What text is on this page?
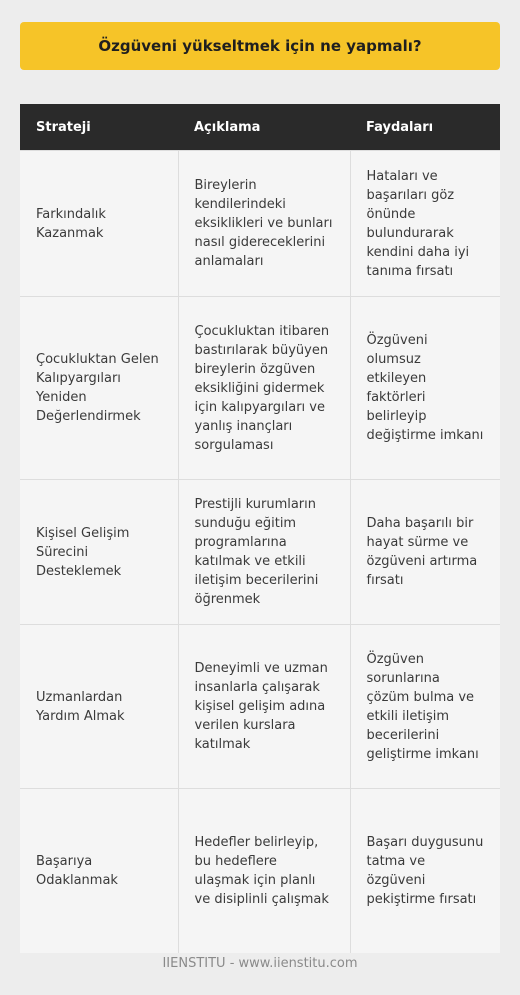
Özgüveni yükseltmek için ne yapmalı?
Strateji	Açıklama	Faydaları
Farkındalık Kazanmak	Bireylerin kendilerindeki eksiklikleri ve bunları nasıl gidereceklerini anlamaları	Hataları ve başarıları göz önünde bulundurarak kendini daha iyi tanıma fırsatı
Çocukluktan Gelen Kalıpyargıları Yeniden Değerlendirmek	Çocukluktan itibaren bastırılarak büyüyen bireylerin özgüven eksikliğini gidermek için kalıpyargıları ve yanlış inançları sorgulaması	Özgüveni olumsuz etkileyen faktörleri belirleyip değiştirme imkanı
Kişisel Gelişim Sürecini Desteklemek	Prestijli kurumların sunduğu eğitim programlarına katılmak ve etkili iletişim becerilerini öğrenmek	Daha başarılı bir hayat sürme ve özgüveni artırma fırsatı
Uzmanlardan Yardım Almak	Deneyimli ve uzman insanlarla çalışarak kişisel gelişim adına verilen kurslara katılmak	Özgüven sorunlarına çözüm bulma ve etkili iletişim becerilerini geliştirme imkanı
Başarıya Odaklanmak	Hedefler belirleyip, bu hedeflere ulaşmak için planlı ve disiplinli çalışmak	Başarı duygusunu tatma ve özgüveni pekiştirme fırsatı
IIENSTITU - www.iienstitu.com
